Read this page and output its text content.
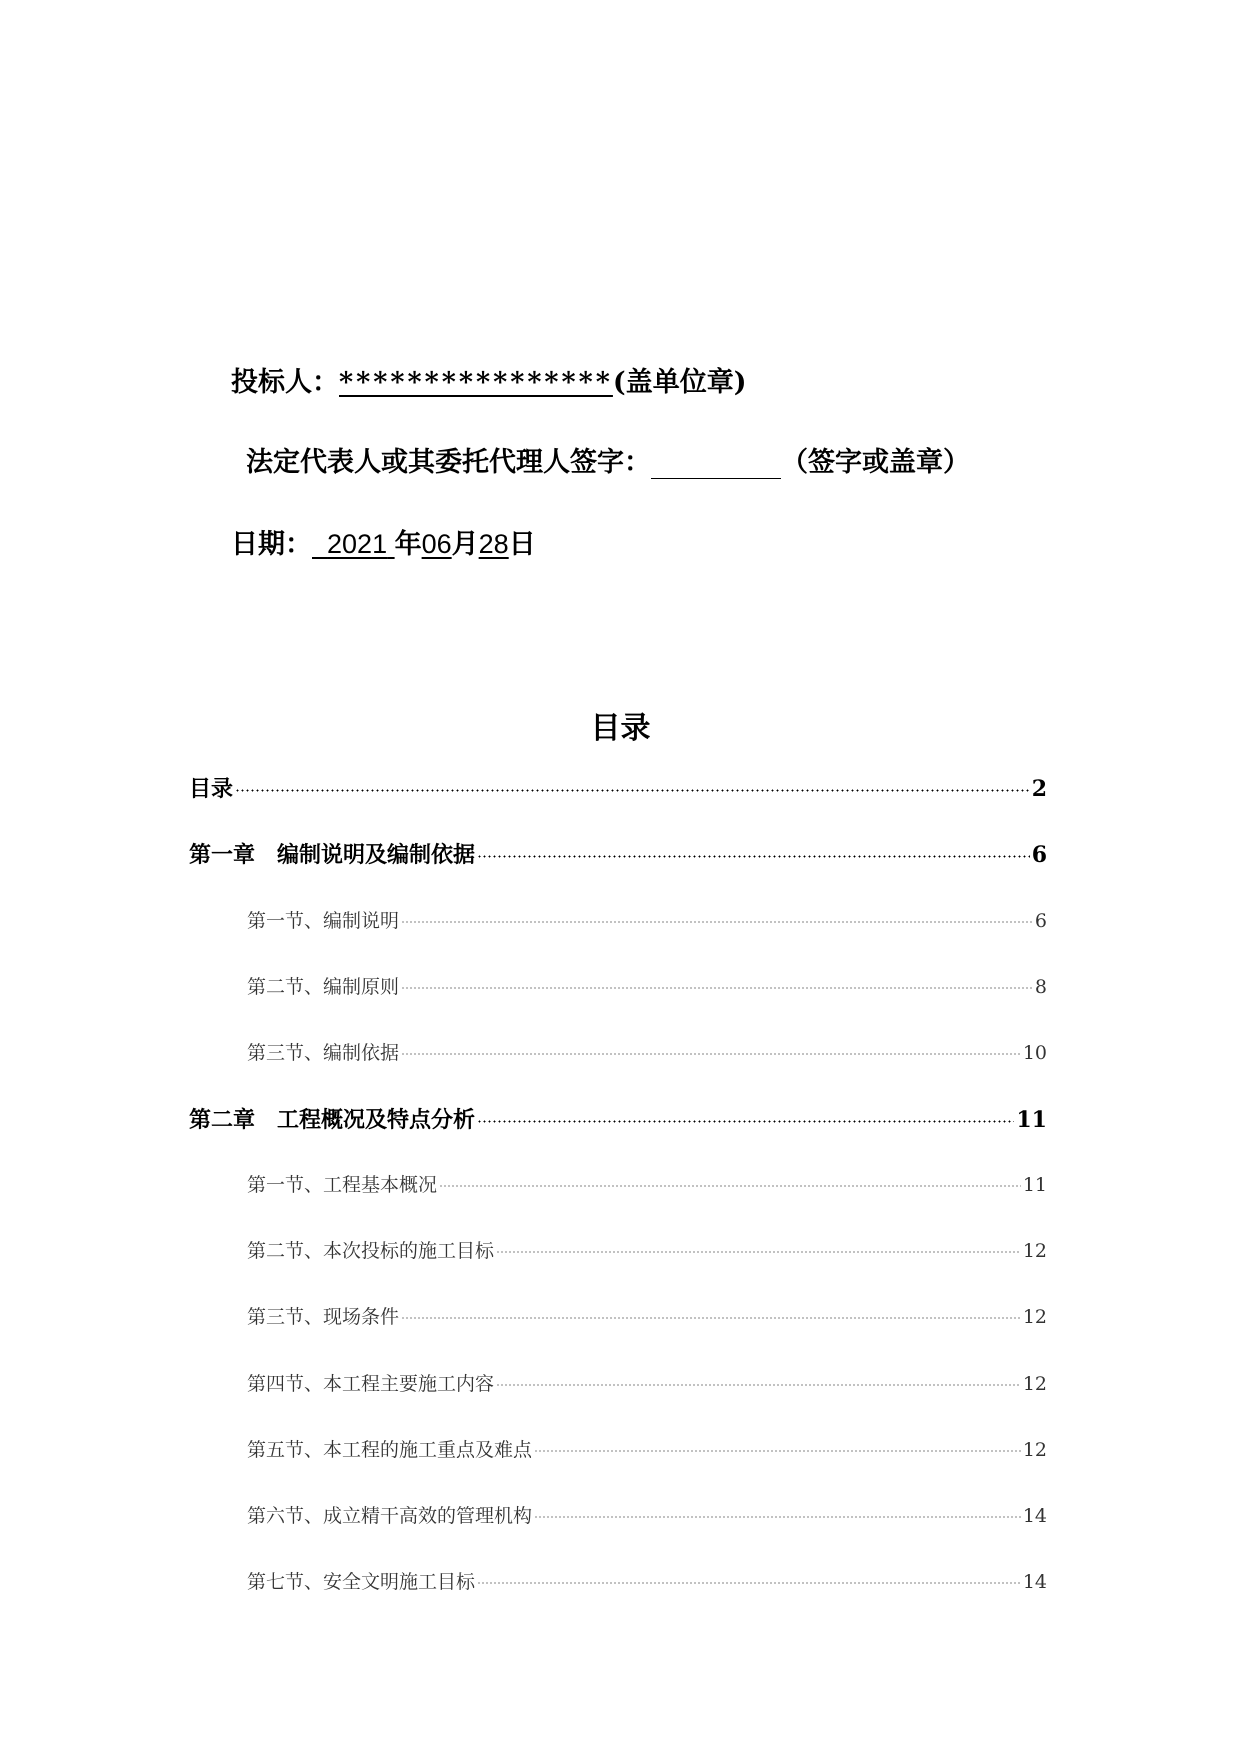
投标人：****************(盖单位章)
法定代表人或其委托代理人签字：	（签字或盖章）
日期： 2021 年06月28日
目录
目录	2
第一章　编制说明及编制依据	6
第一节、编制说明	6
第二节、编制原则	8
第三节、编制依据	10
第二章　工程概况及特点分析	11
第一节、工程基本概况	11
第二节、本次投标的施工目标	12
第三节、现场条件	12
第四节、本工程主要施工内容	12
第五节、本工程的施工重点及难点	12
第六节、成立精干高效的管理机构	14
第七节、安全文明施工目标	14
